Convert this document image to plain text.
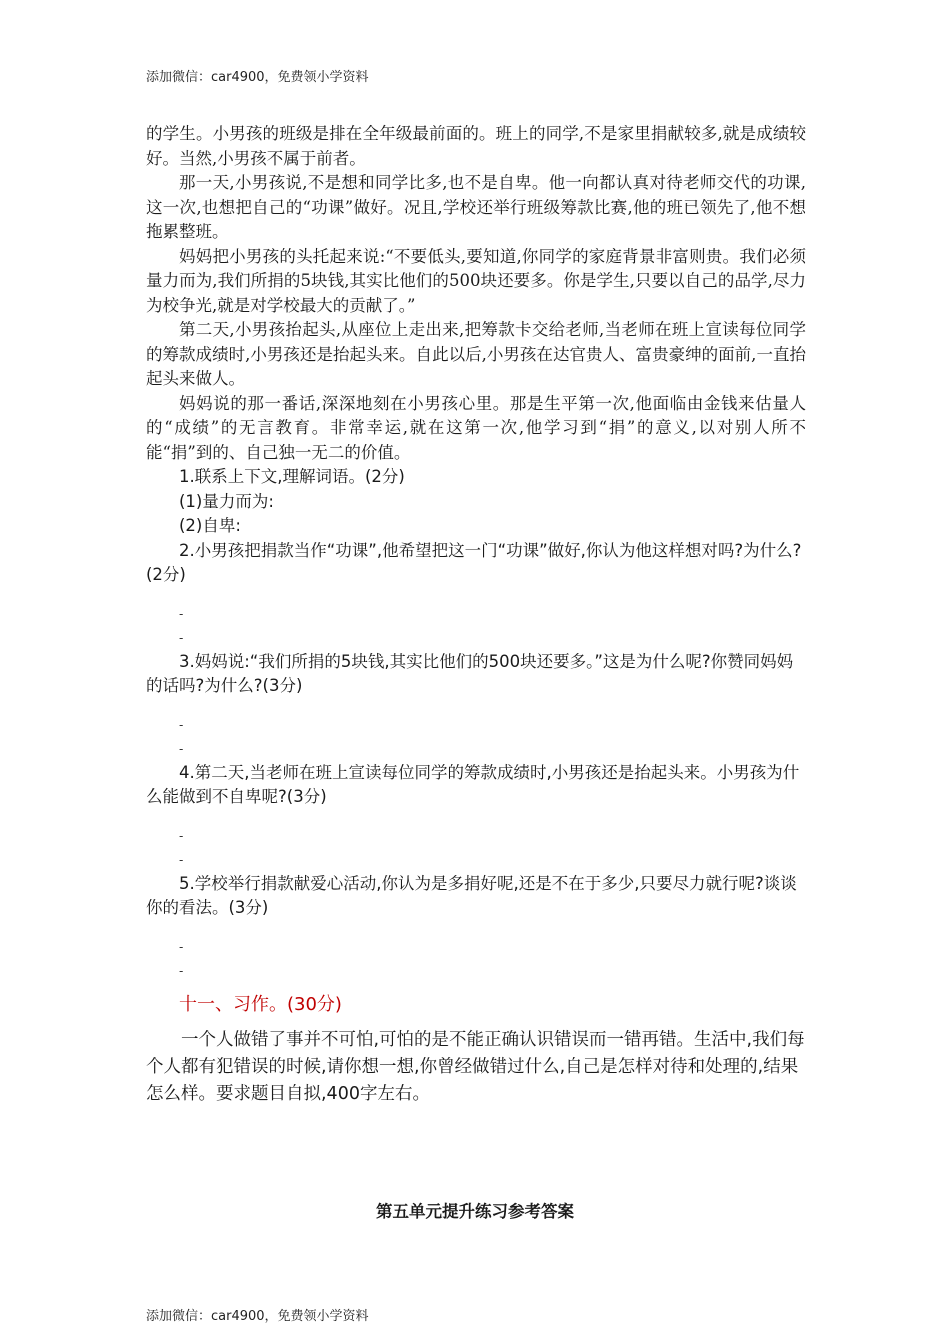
添加微信：car4900，免费领小学资料

的学生。小男孩的班级是排在全年级最前面的。班上的同学,不是家里捐献较多,就是成绩较好。当然,小男孩不属于前者。

那一天,小男孩说,不是想和同学比多,也不是自卑。他一向都认真对待老师交代的功课,这一次,也想把自己的“功课”做好。况且,学校还举行班级筹款比赛,他的班已领先了,他不想拖累整班。

妈妈把小男孩的头托起来说:“不要低头,要知道,你同学的家庭背景非富则贵。我们必须量力而为,我们所捐的5块钱,其实比他们的500块还要多。你是学生,只要以自己的品学,尽力为校争光,就是对学校最大的贡献了。”

第二天,小男孩抬起头,从座位上走出来,把筹款卡交给老师,当老师在班上宣读每位同学的筹款成绩时,小男孩还是抬起头来。自此以后,小男孩在达官贵人、富贵豪绅的面前,一直抬起头来做人。

妈妈说的那一番话,深深地刻在小男孩心里。那是生平第一次,他面临由金钱来估量人的“成绩”的无言教育。非常幸运,就在这第一次,他学习到“捐”的意义,以对别人所不能“捐”到的、自己独一无二的价值。

1.联系上下文,理解词语。(2分)

(1)量力而为:

(2)自卑:

2.小男孩把捐款当作“功课”,他希望把这一门“功课”做好,你认为他这样想对吗?为什么?(2分)

-

-

3.妈妈说:“我们所捐的5块钱,其实比他们的500块还要多。”这是为什么呢?你赞同妈妈的话吗?为什么?(3分)

-

-

4.第二天,当老师在班上宣读每位同学的筹款成绩时,小男孩还是抬起头来。小男孩为什么能做到不自卑呢?(3分)

-

-

5.学校举行捐款献爱心活动,你认为是多捐好呢,还是不在于多少,只要尽力就行呢?谈谈你的看法。(3分)

-

-

十一、习作。(30分)

一个人做错了事并不可怕,可怕的是不能正确认识错误而一错再错。生活中,我们每个人都有犯错误的时候,请你想一想,你曾经做错过什么,自己是怎样对待和处理的,结果怎么样。要求题目自拟,400字左右。

第五单元提升练习参考答案
添加微信：car4900，免费领小学资料
